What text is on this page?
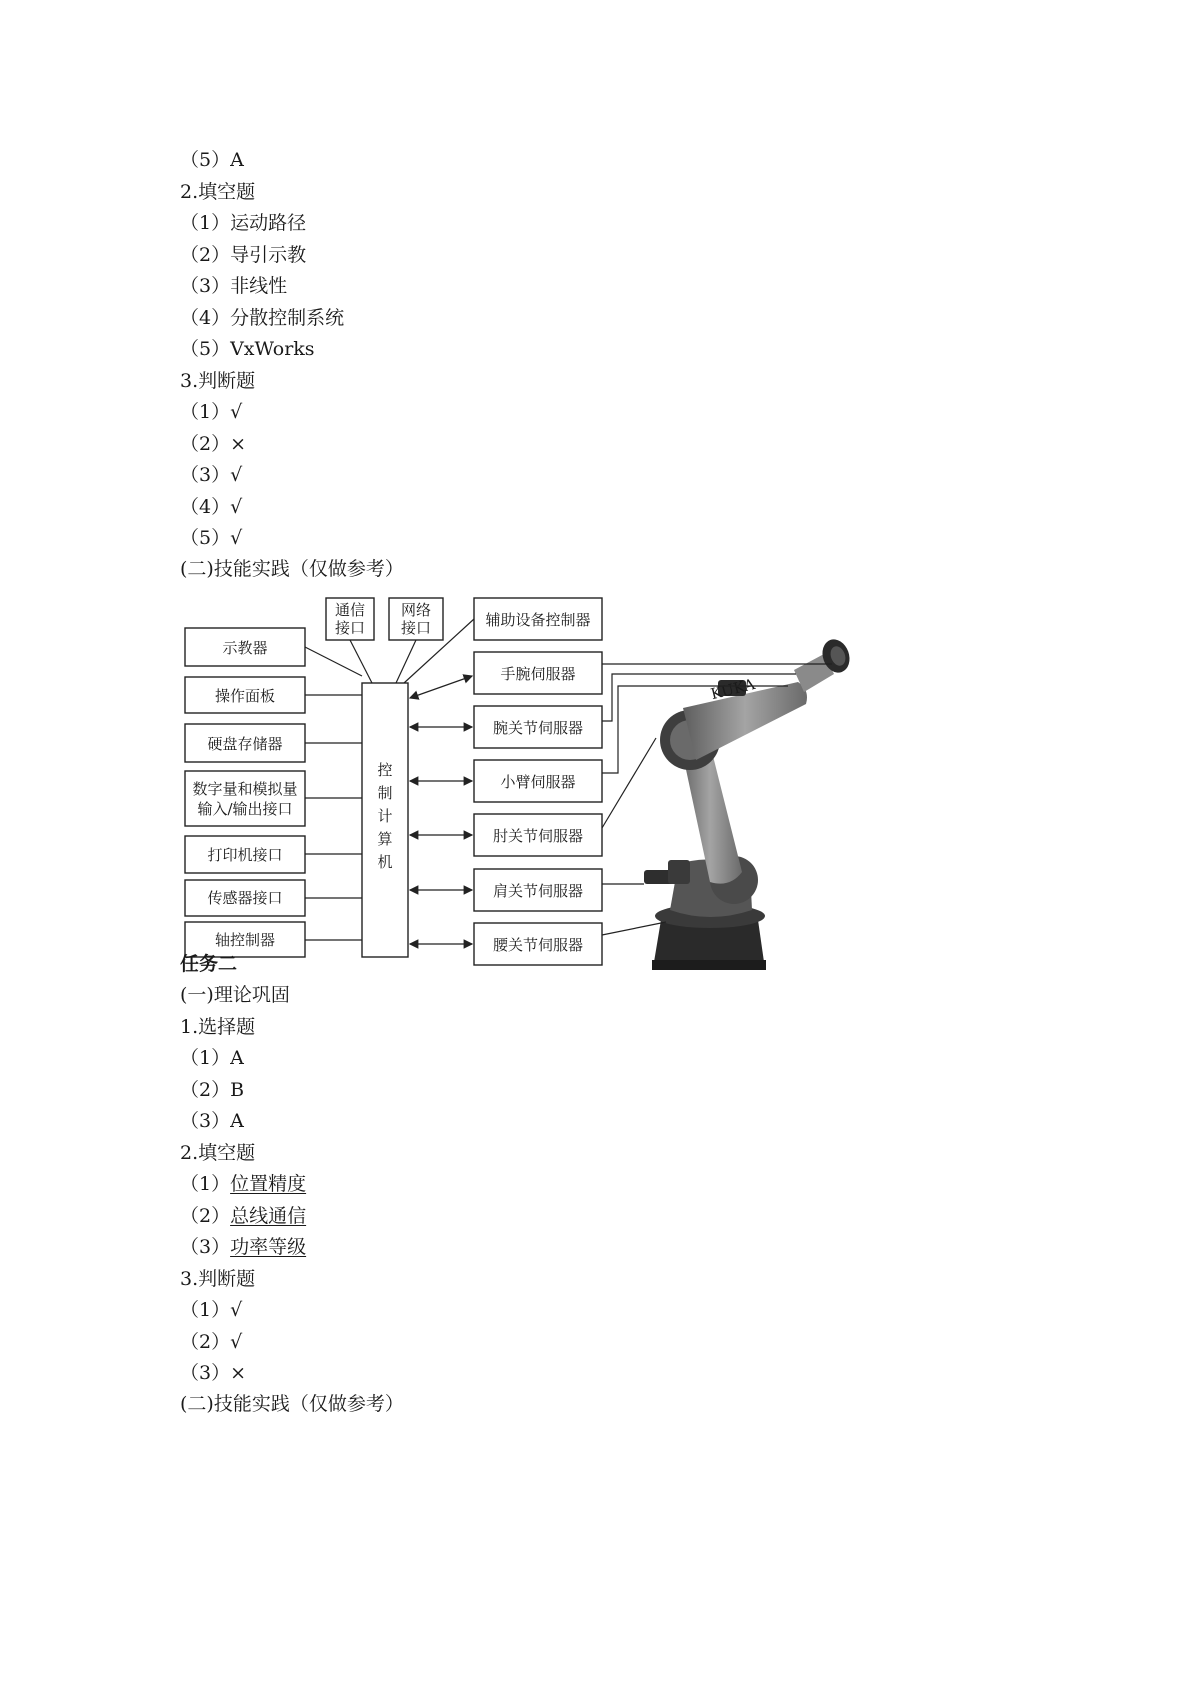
（5）A
2.填空题
（1）运动路径
（2）导引示教
（3）非线性
（4）分散控制系统
（5）VxWorks
3.判断题
（1）√
（2）×
（3）√
（4）√
（5）√
(二)技能实践（仅做参考）
示教器
操作面板
硬盘存储器
数字量和模拟量
输入/输出接口
打印机接口
传感器接口
轴控制器
通信
接口
网络
接口
控
制
计
算
机
辅助设备控制器
手腕伺服器
腕关节伺服器
小臂伺服器
肘关节伺服器
肩关节伺服器
腰关节伺服器
KUKA
任务二
(一)理论巩固
1.选择题
（1）A
（2）B
（3）A
2.填空题
（1）位置精度
（2）总线通信
（3）功率等级
3.判断题
（1）√
（2）√
（3）×
(二)技能实践（仅做参考）
